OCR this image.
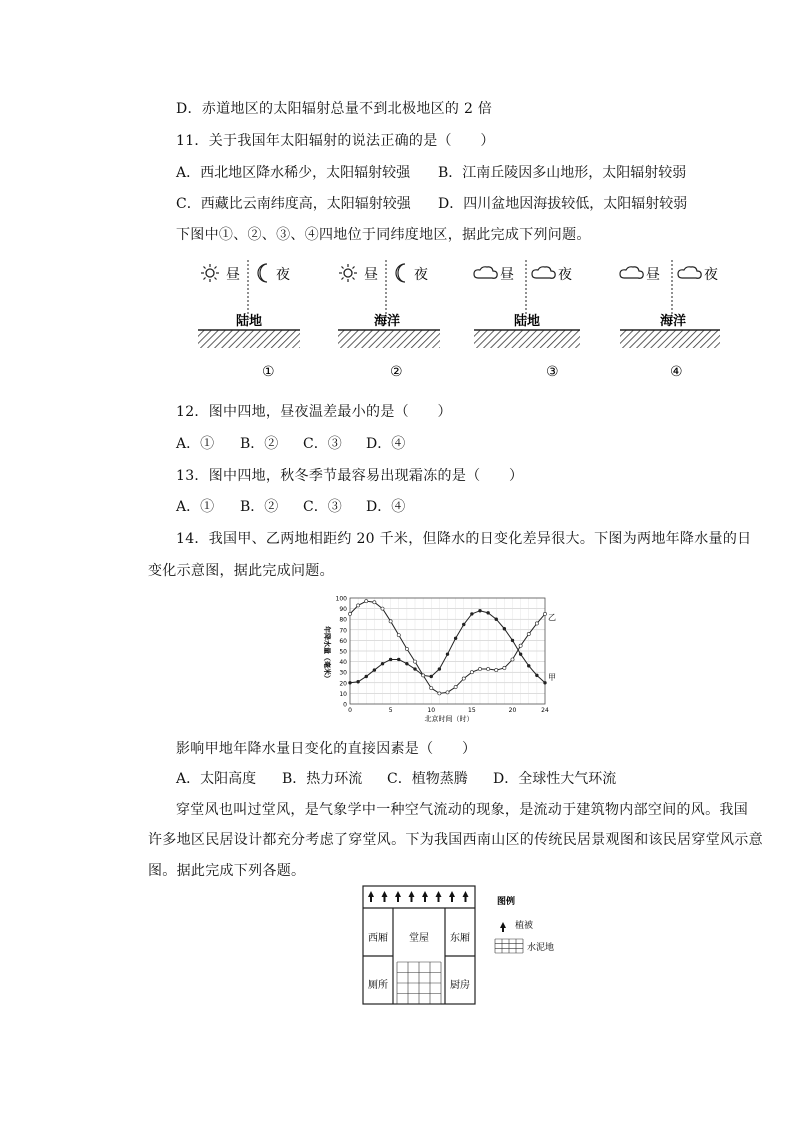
D．赤道地区的太阳辐射总量不到北极地区的 2 倍
11．关于我国年太阳辐射的说法正确的是（　　）
A．西北地区降水稀少，太阳辐射较强 B．江南丘陵因多山地形，太阳辐射较弱
C．西藏比云南纬度高，太阳辐射较强 D．四川盆地因海拔较低，太阳辐射较弱
下图中①、②、③、④四地位于同纬度地区，据此完成下列问题。
昼	夜
陆地
①
昼	夜
海洋
②
昼	夜
陆地
③
昼	夜
海洋
④
12．图中四地，昼夜温差最小的是（　　）
A．① B．② C．③ D．④
13．图中四地，秋冬季节最容易出现霜冻的是（　　）
A．① B．② C．③ D．④
14．我国甲、乙两地相距约 20 千米，但降水的日变化差异很大。下图为两地年降水量的日
变化示意图，据此完成问题。
0
10
20
30
40
50
60
70
80
90
100
0	5	10	15	20	24
甲
乙
年降水量（毫米）
北京时间（时）
影响甲地年降水量日变化的直接因素是（　　）
A．太阳高度 B．热力环流 C．植物蒸腾 D．全球性大气环流
穿堂风也叫过堂风，是气象学中一种空气流动的现象，是流动于建筑物内部空间的风。我国
许多地区民居设计都充分考虑了穿堂风。下为我国西南山区的传统民居景观图和该民居穿堂风示意
图。据此完成下列各题。
西厢 堂屋 东厢
厕所	厨房
图例
植被
水泥地
